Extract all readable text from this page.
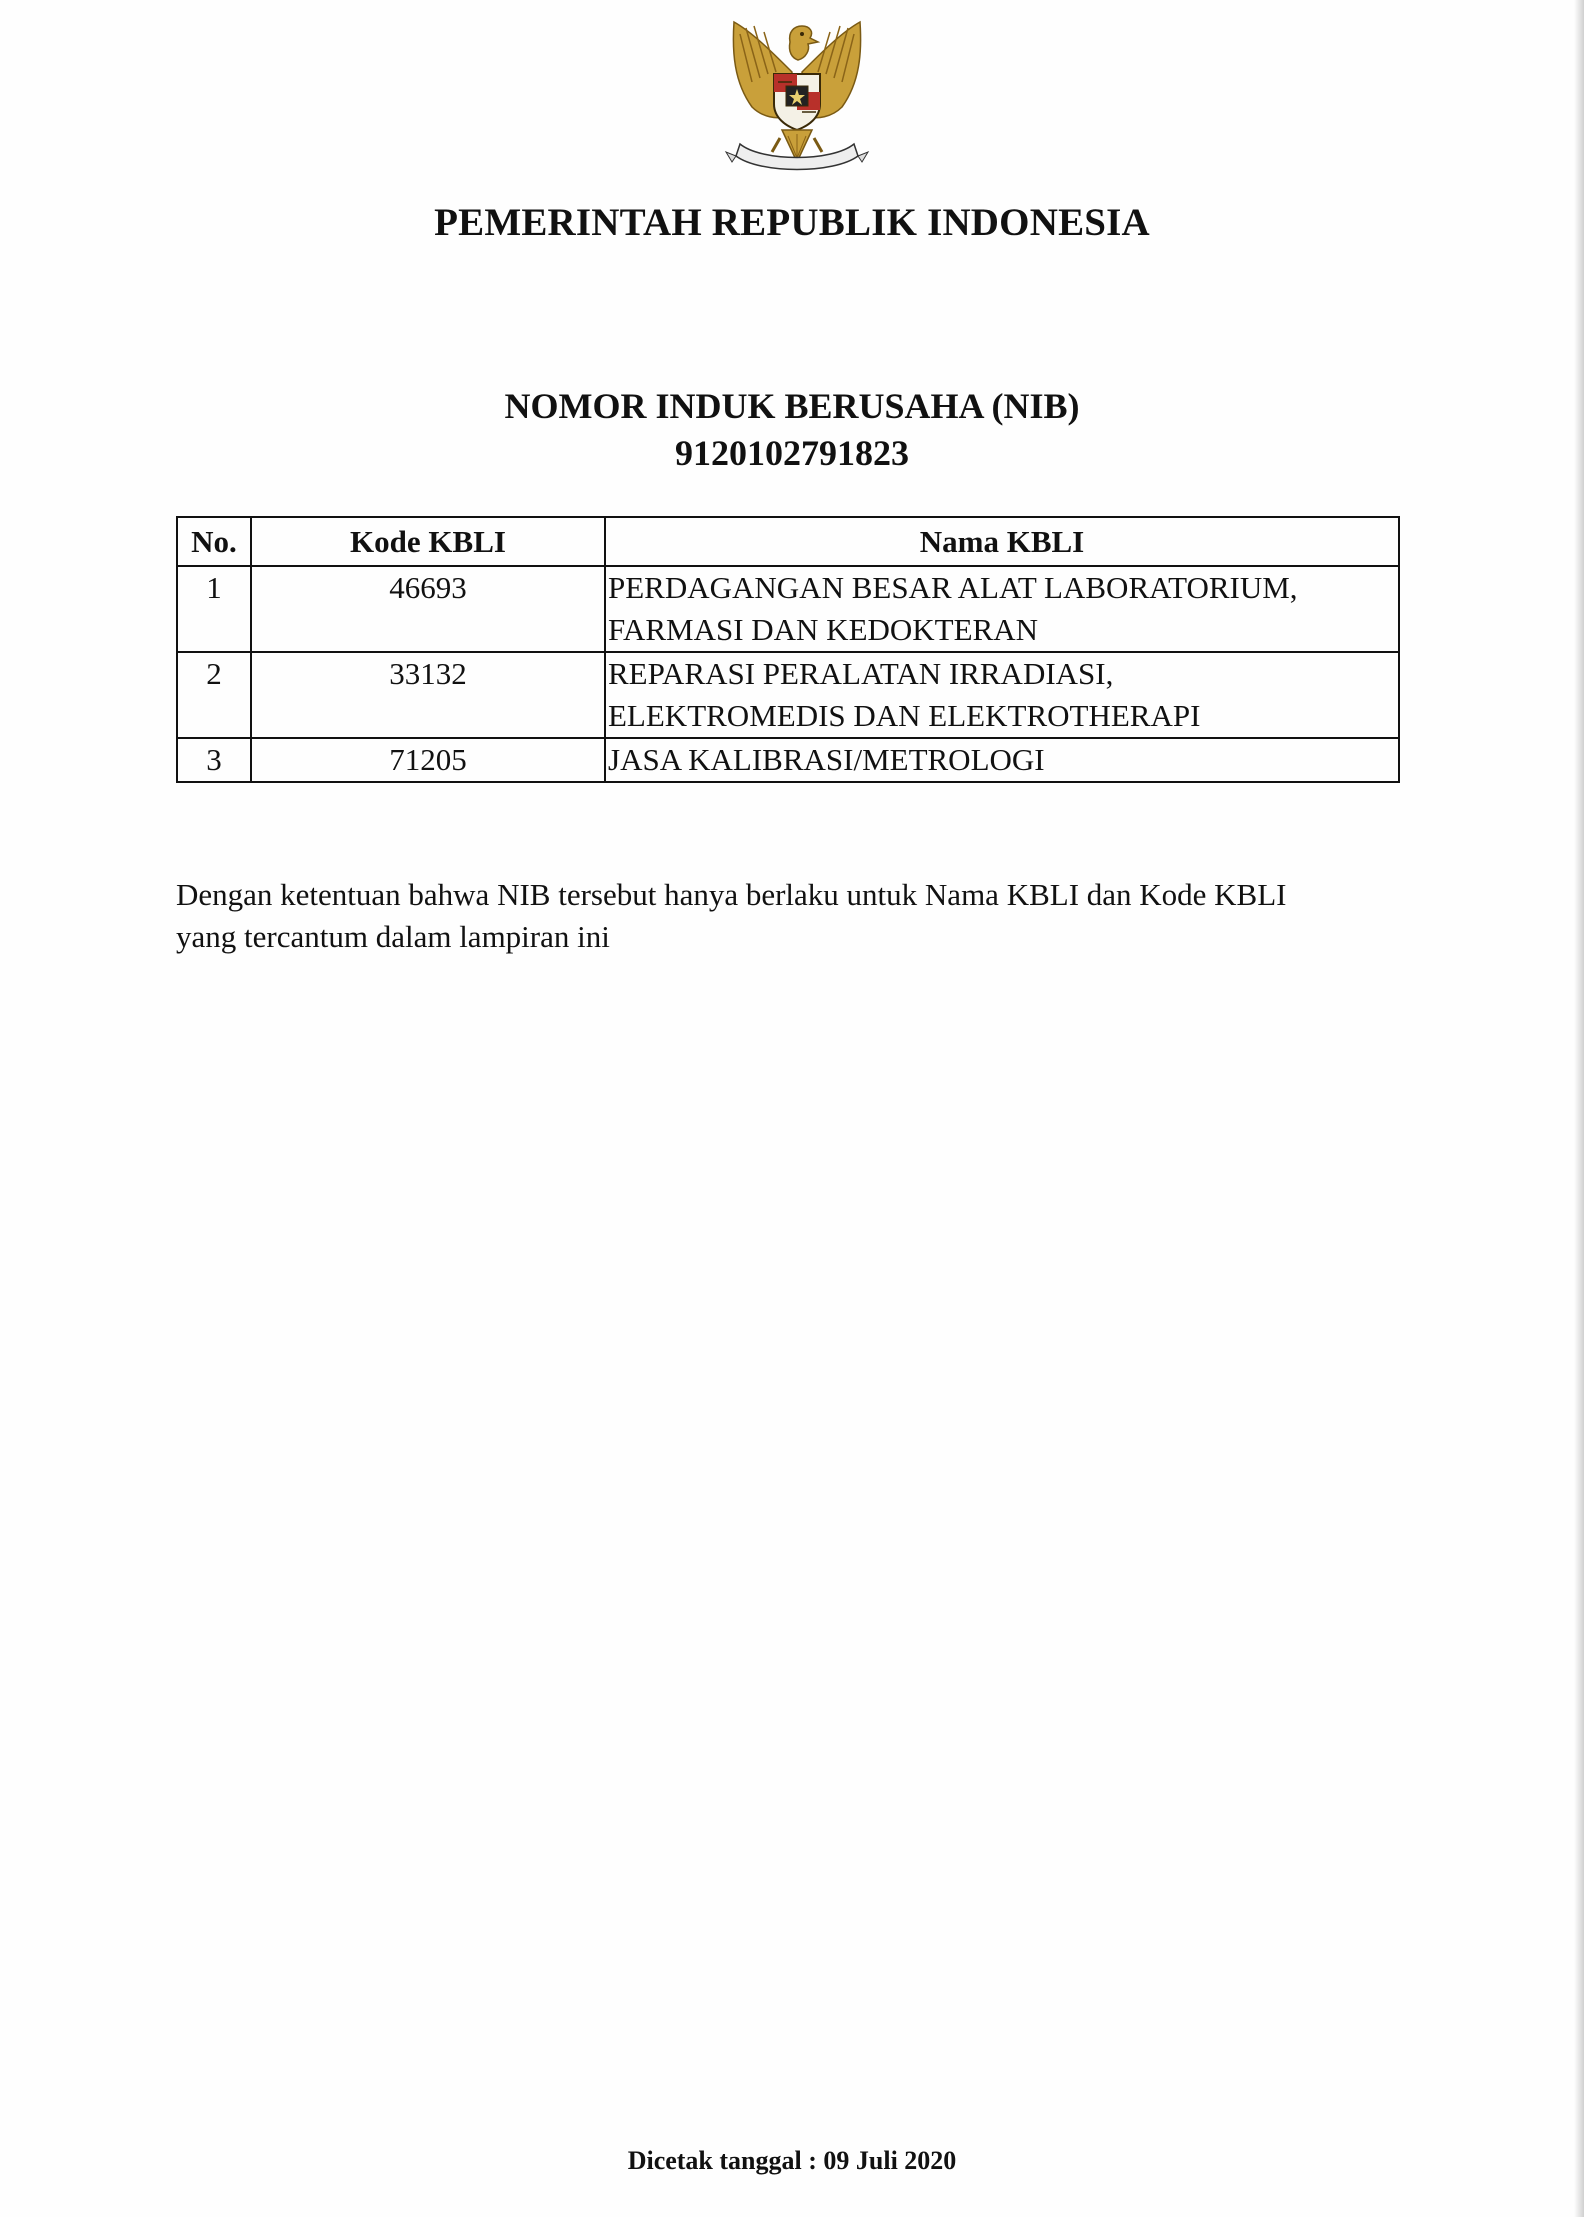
PEMERINTAH REPUBLIK INDONESIA
NOMOR INDUK BERUSAHA (NIB)
9120102791823
No.	Kode KBLI	Nama KBLI
1	46693	PERDAGANGAN BESAR ALAT LABORATORIUM,
FARMASI DAN KEDOKTERAN

2	33132	REPARASI PERALATAN IRRADIASI,
ELEKTROMEDIS DAN ELEKTROTHERAPI

3	71205	JASA KALIBRASI/METROLOGI
Dengan ketentuan bahwa NIB tersebut hanya berlaku untuk Nama KBLI dan Kode KBLI
yang tercantum dalam lampiran ini
Dicetak tanggal : 09 Juli 2020
